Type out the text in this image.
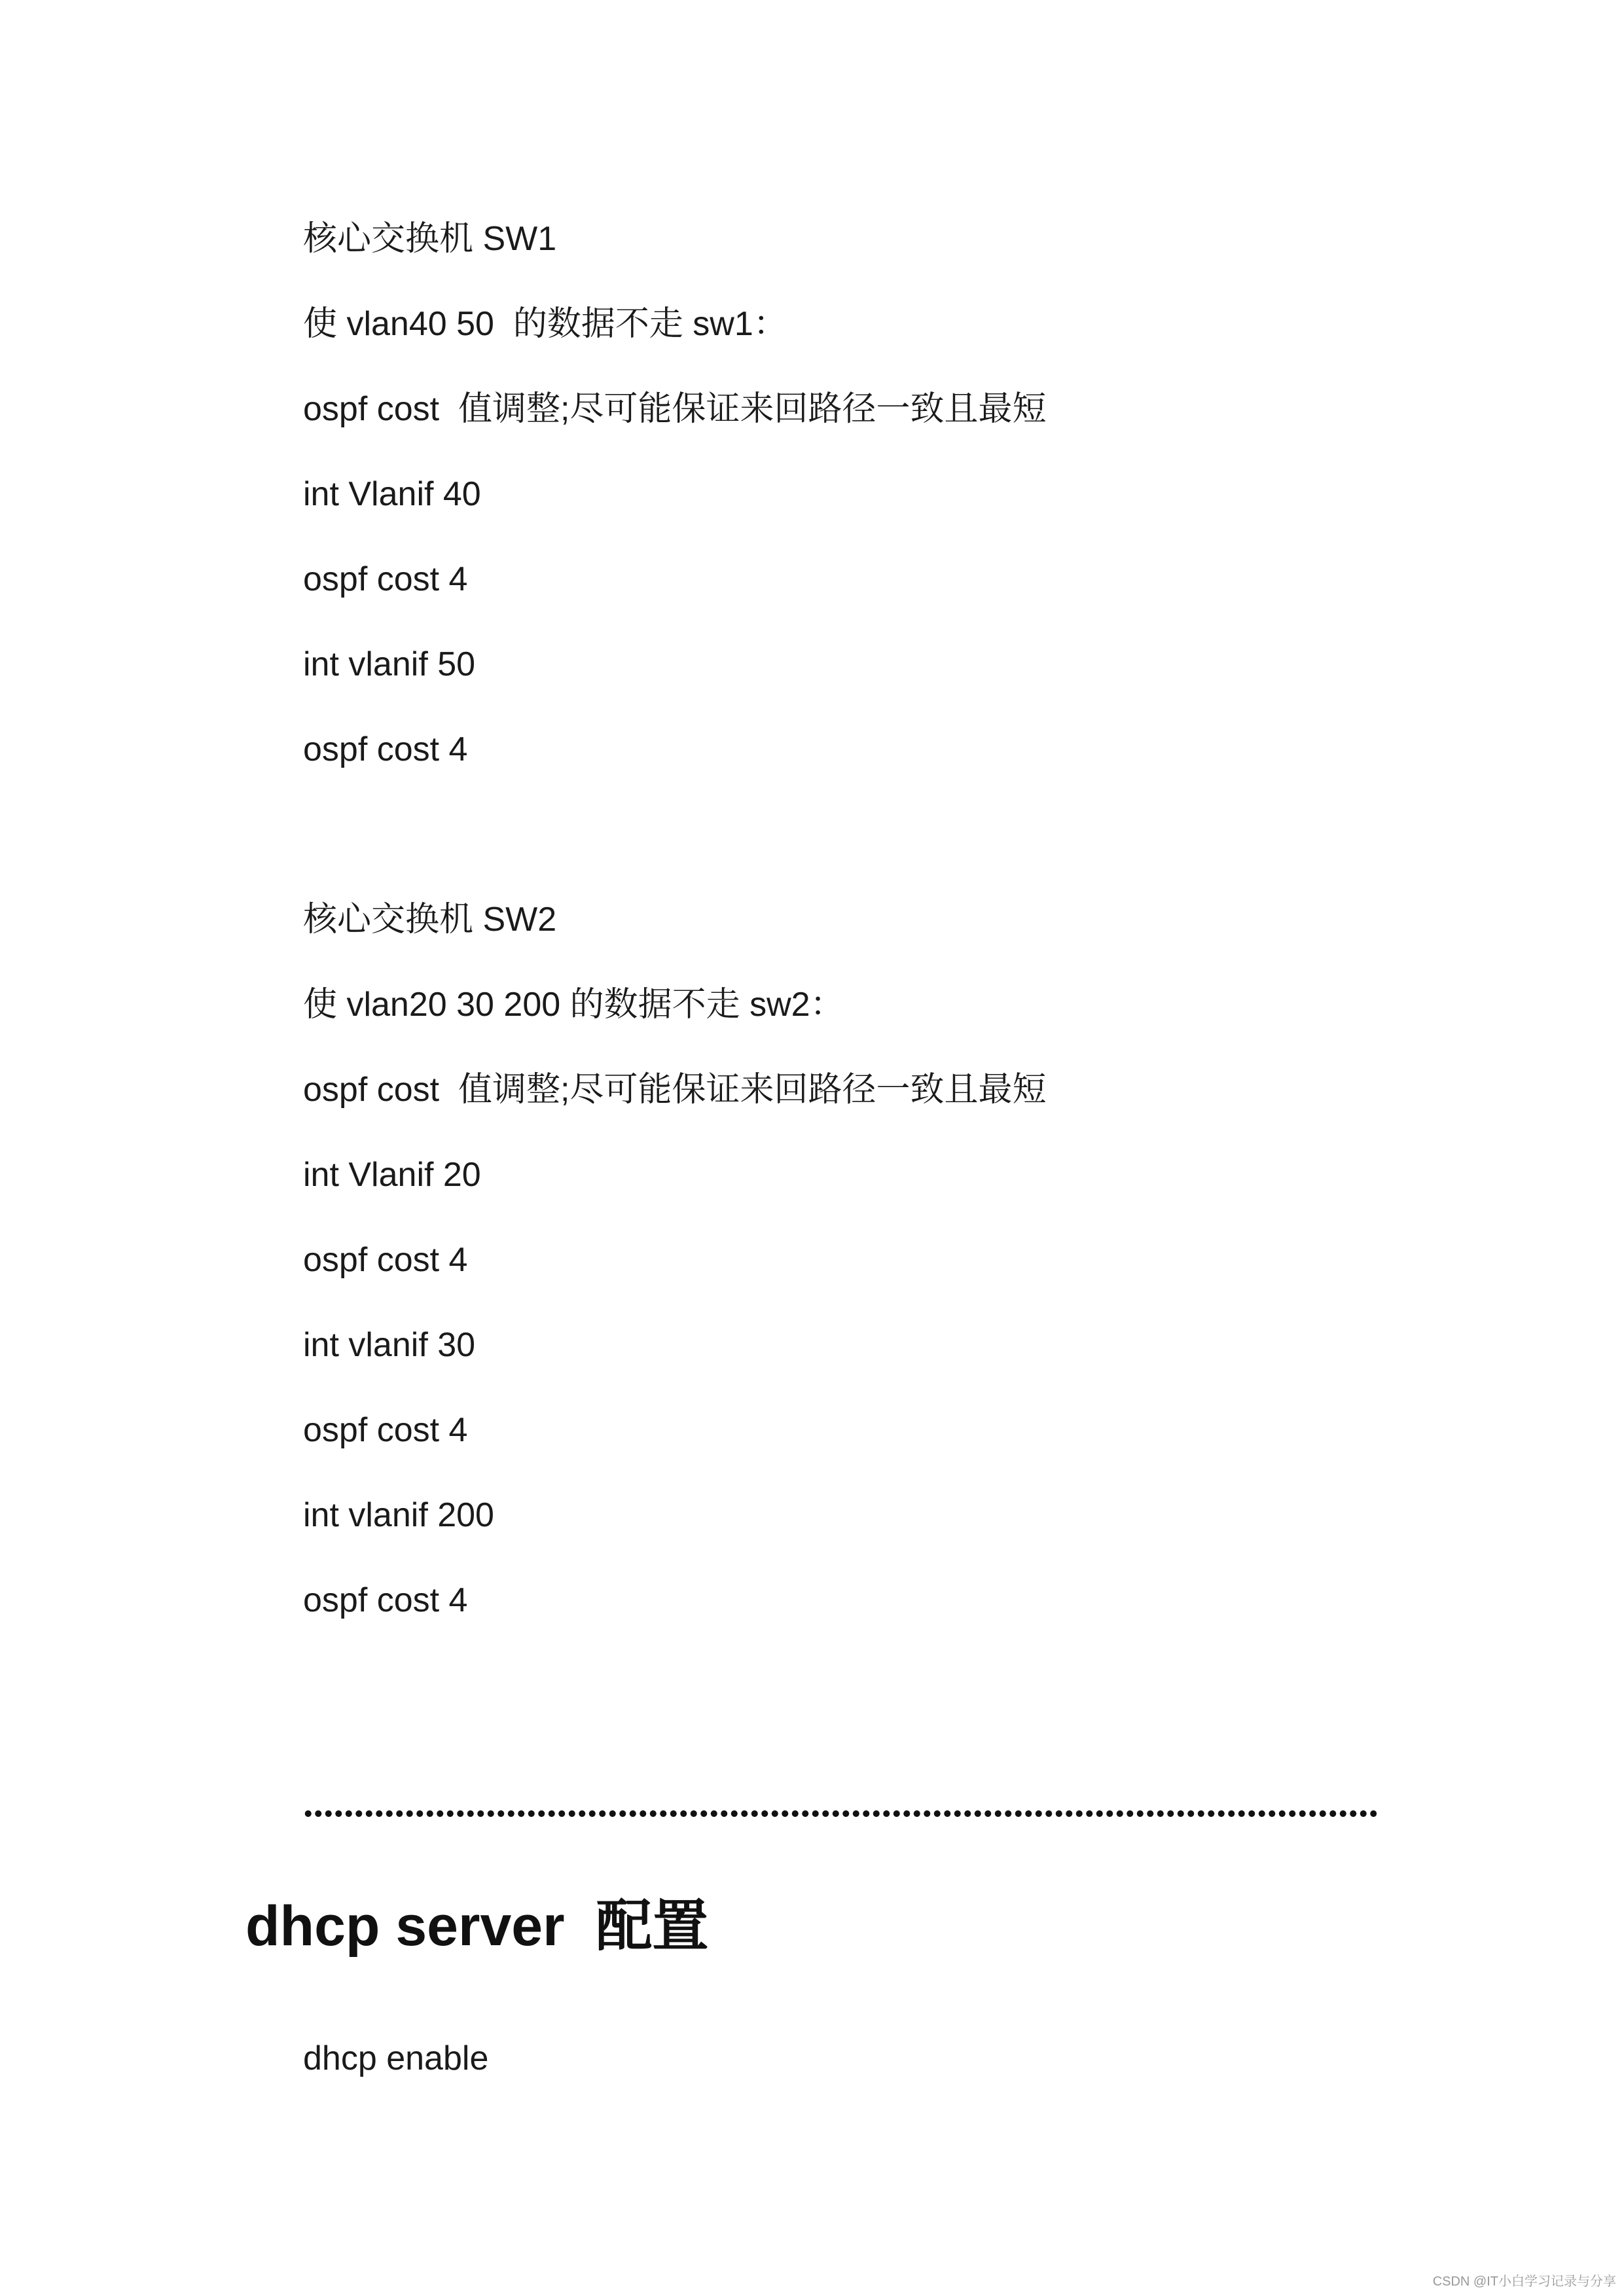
核心交换机 SW1

使 vlan40 50  的数据不走 sw1：

ospf cost  值调整;尽可能保证来回路径一致且最短

int Vlanif 40

ospf cost 4

int vlanif 50

ospf cost 4

核心交换机 SW2

使 vlan20 30 200 的数据不走 sw2：

ospf cost  值调整;尽可能保证来回路径一致且最短

int Vlanif 20

ospf cost 4

int vlanif 30

ospf cost 4

int vlanif 200

ospf cost 4

dhcp server  配置

dhcp enable

CSDN @IT小白学习记录与分享
